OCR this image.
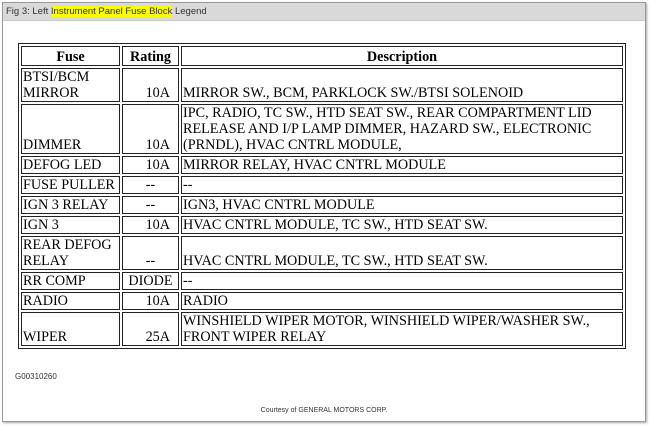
Fig 3: Left Instrument Panel Fuse Block Legend
Fuse	Rating	Description
BTSI/BCM MIRROR	10A	MIRROR SW., BCM, PARKLOCK SW./BTSI SOLENOID
DIMMER	10A	IPC, RADIO, TC SW., HTD SEAT SW., REAR COMPARTMENT LID RELEASE AND I/P LAMP DIMMER, HAZARD SW., ELECTRONIC (PRNDL), HVAC CNTRL MODULE,
DEFOG LED	10A	MIRROR RELAY, HVAC CNTRL MODULE
FUSE PULLER	--	--
IGN 3 RELAY	--	IGN3, HVAC CNTRL MODULE
IGN 3	10A	HVAC CNTRL MODULE, TC SW., HTD SEAT SW.
REAR DEFOG RELAY	--	HVAC CNTRL MODULE, TC SW., HTD SEAT SW.
RR COMP	DIODE	--
RADIO	10A	RADIO
WIPER	25A	WINSHIELD WIPER MOTOR, WINSHIELD WIPER/WASHER SW., FRONT WIPER RELAY
G00310260
Courtesy of GENERAL MOTORS CORP.
